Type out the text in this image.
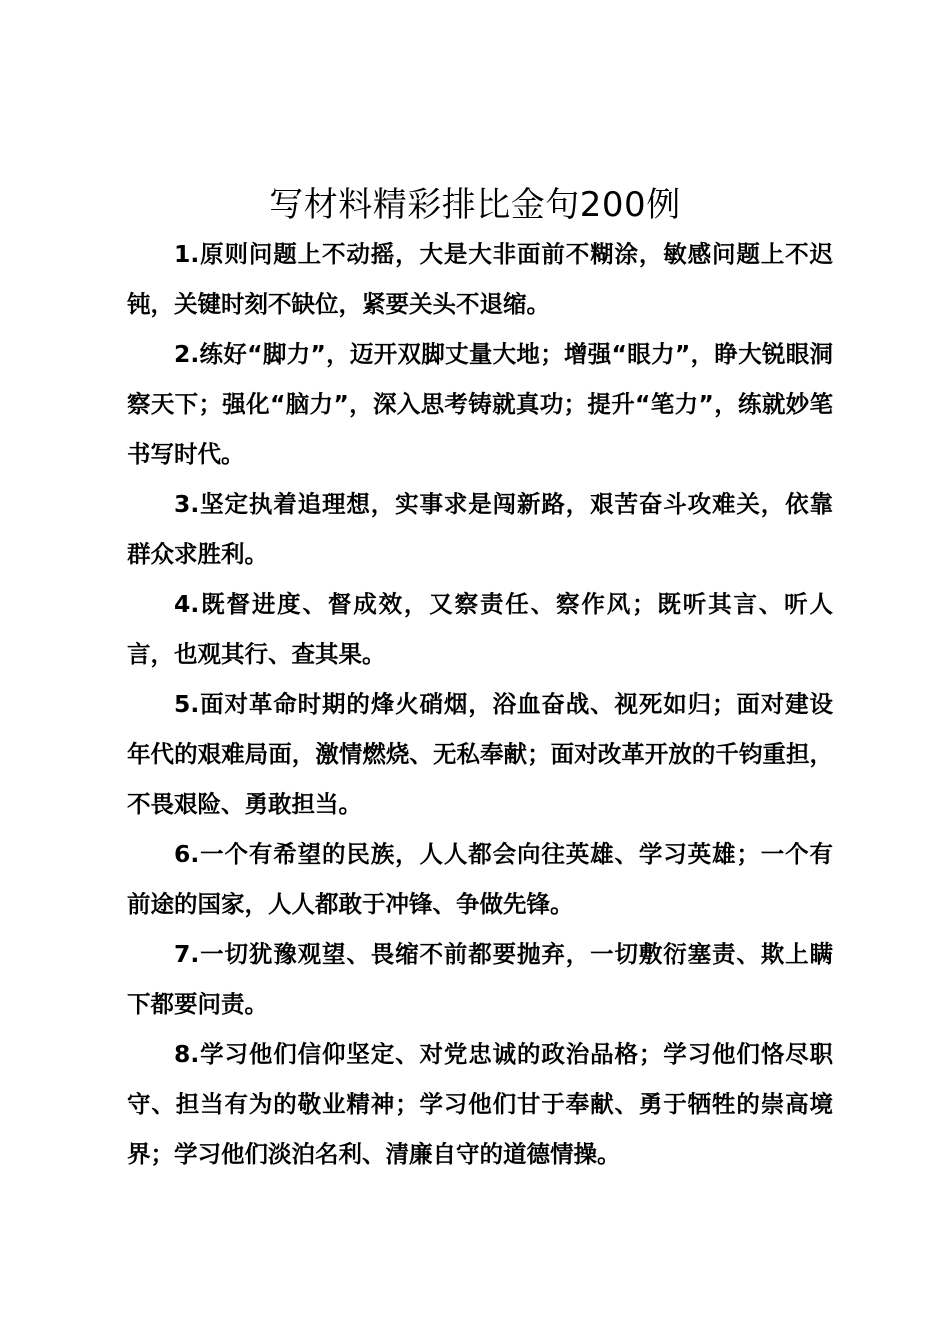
写材料精彩排比金句200例

1.原则问题上不动摇，大是大非面前不糊涂，敏感问题上不迟钝，关键时刻不缺位，紧要关头不退缩。

2.练好“脚力”，迈开双脚丈量大地；增强“眼力”，睁大锐眼洞察天下；强化“脑力”，深入思考铸就真功；提升“笔力”，练就妙笔书写时代。

3.坚定执着追理想，实事求是闯新路，艰苦奋斗攻难关，依靠群众求胜利。

4.既督进度、督成效，又察责任、察作风；既听其言、听人言，也观其行、查其果。

5.面对革命时期的烽火硝烟，浴血奋战、视死如归；面对建设年代的艰难局面，激情燃烧、无私奉献；面对改革开放的千钧重担，不畏艰险、勇敢担当。

6.一个有希望的民族，人人都会向往英雄、学习英雄；一个有前途的国家，人人都敢于冲锋、争做先锋。

7.一切犹豫观望、畏缩不前都要抛弃，一切敷衍塞责、欺上瞒下都要问责。

8.学习他们信仰坚定、对党忠诚的政治品格；学习他们恪尽职守、担当有为的敬业精神；学习他们甘于奉献、勇于牺牲的崇高境界；学习他们淡泊名利、清廉自守的道德情操。
